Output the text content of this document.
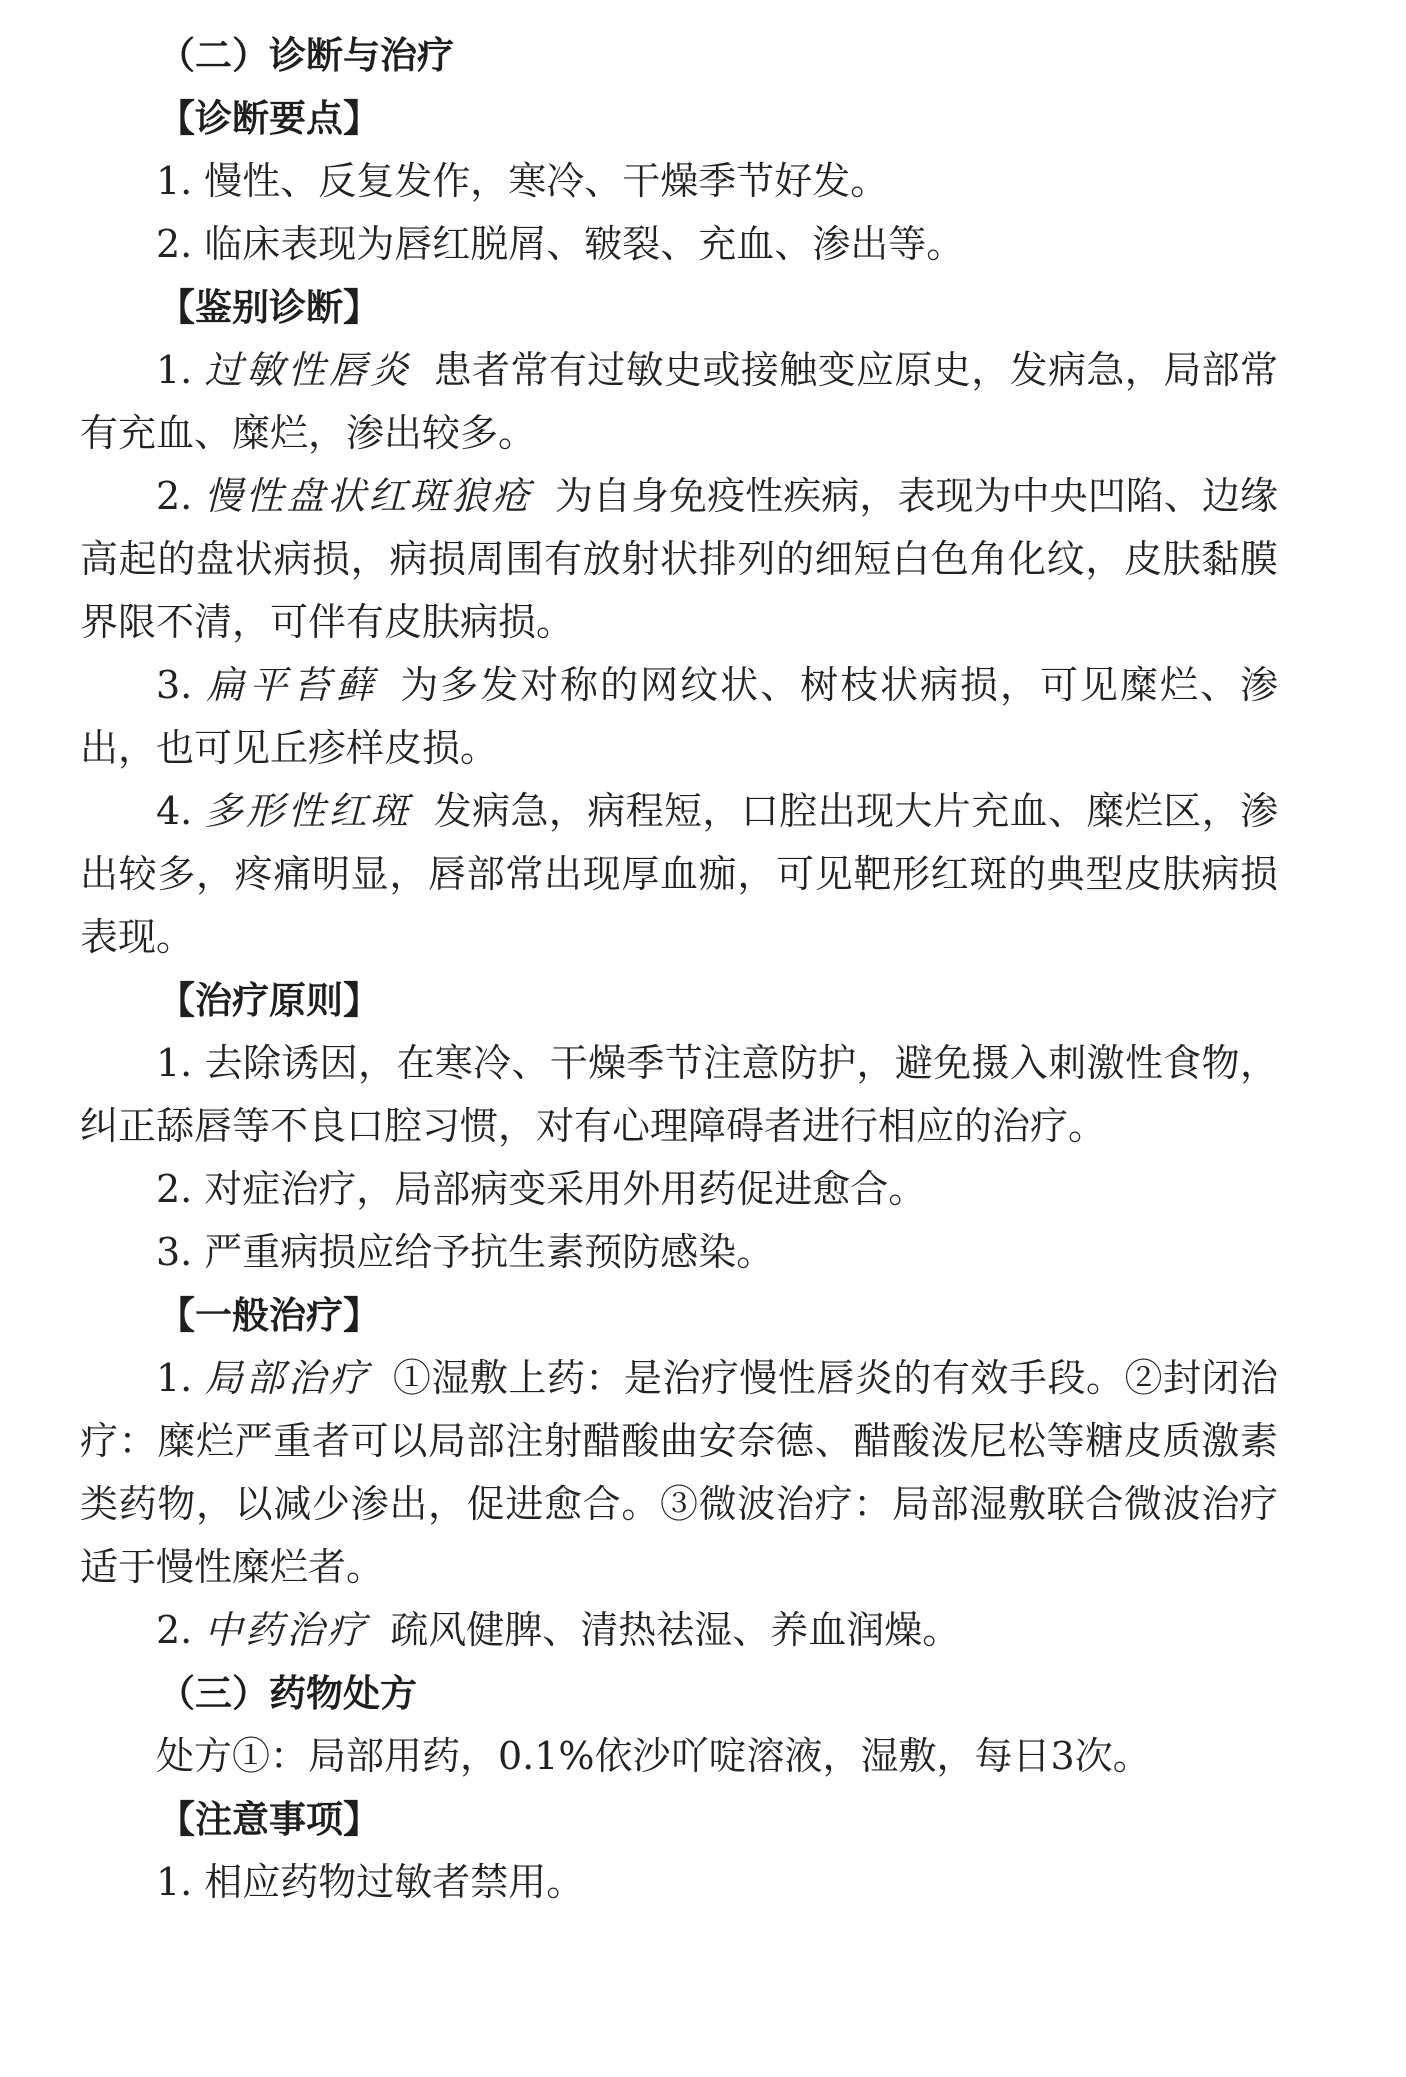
（二）诊断与治疗
【诊断要点】

1. 慢性、反复发作，寒冷、干燥季节好发。

2. 临床表现为唇红脱屑、皲裂、充血、渗出等。

【鉴别诊断】

1. 过敏性唇炎 患者常有过敏史或接触变应原史，发病急，局部常有充血、糜烂，渗出较多。

2. 慢性盘状红斑狼疮 为自身免疫性疾病，表现为中央凹陷、边缘高起的盘状病损，病损周围有放射状排列的细短白色角化纹，皮肤黏膜界限不清，可伴有皮肤病损。

3. 扁平苔藓 为多发对称的网纹状、树枝状病损，可见糜烂、渗出，也可见丘疹样皮损。

4. 多形性红斑 发病急，病程短，口腔出现大片充血、糜烂区，渗出较多，疼痛明显，唇部常出现厚血痂，可见靶形红斑的典型皮肤病损表现。

【治疗原则】

1. 去除诱因，在寒冷、干燥季节注意防护，避免摄入刺激性食物，纠正舔唇等不良口腔习惯，对有心理障碍者进行相应的治疗。

2. 对症治疗，局部病变采用外用药促进愈合。

3. 严重病损应给予抗生素预防感染。

【一般治疗】

1. 局部治疗 ①湿敷上药：是治疗慢性唇炎的有效手段。②封闭治疗：糜烂严重者可以局部注射醋酸曲安奈德、醋酸泼尼松等糖皮质激素类药物，以减少渗出，促进愈合。③微波治疗：局部湿敷联合微波治疗适于慢性糜烂者。

2. 中药治疗 疏风健脾、清热祛湿、养血润燥。

（三）药物处方

处方①：局部用药，0.1%依沙吖啶溶液，湿敷，每日3次。

【注意事项】

1. 相应药物过敏者禁用。
